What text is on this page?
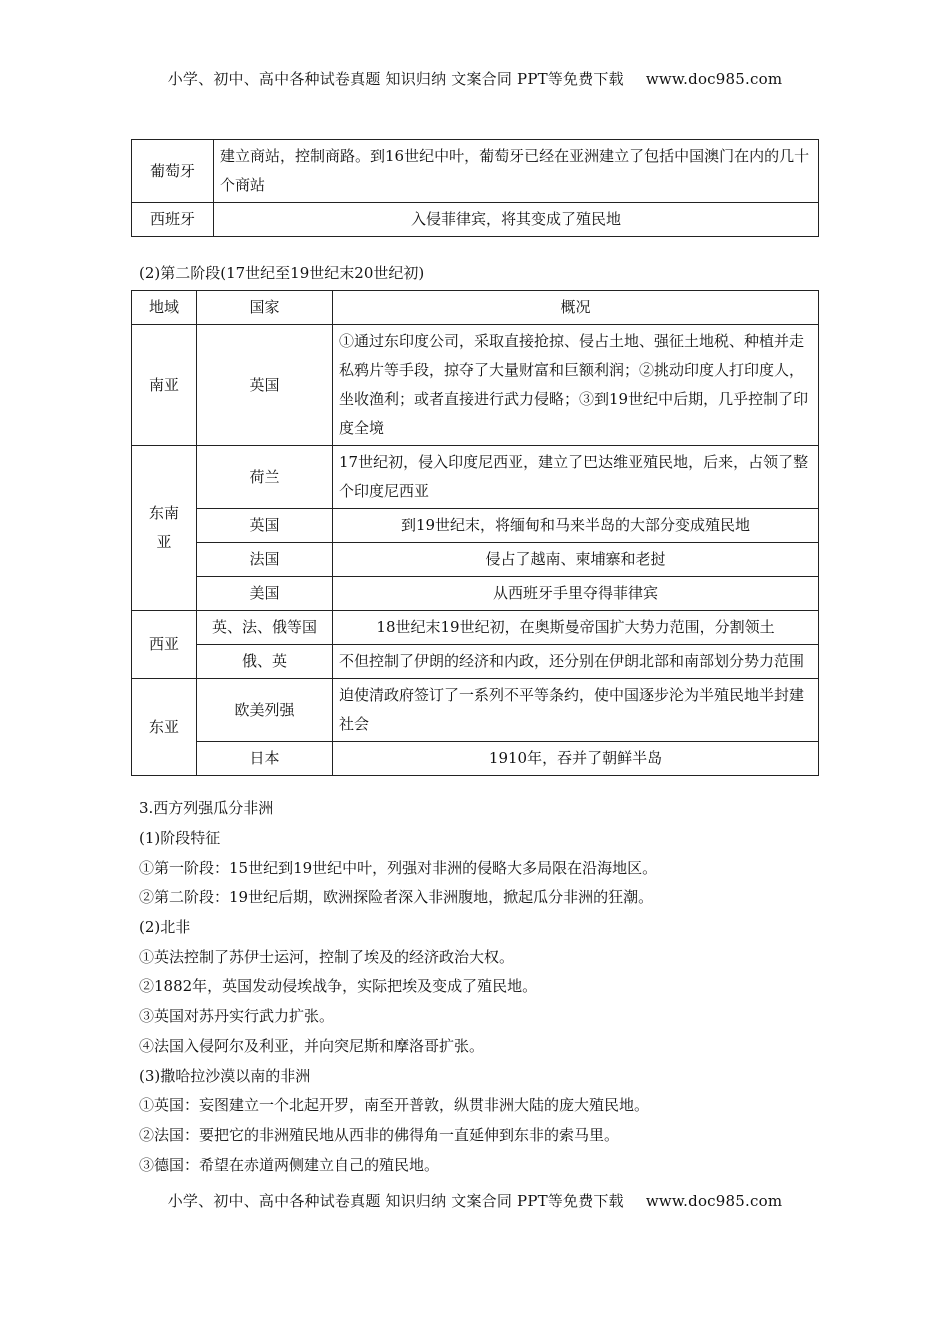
小学、初中、高中各种试卷真题 知识归纳 文案合同 PPT等免费下载 www.doc985.com
葡萄牙	建立商站，控制商路。到16世纪中叶，葡萄牙已经在亚洲建立了包括中国澳门在内的几十个商站
西班牙	入侵菲律宾，将其变成了殖民地
(2)第二阶段(17世纪至19世纪末20世纪初)
地域	国家	概况
南亚	英国	①通过东印度公司，采取直接抢掠、侵占土地、强征土地税、种植并走私鸦片等手段，掠夺了大量财富和巨额利润；②挑动印度人打印度人，坐收渔利；或者直接进行武力侵略；③到19世纪中后期，几乎控制了印度全境
东南亚	荷兰	17世纪初，侵入印度尼西亚，建立了巴达维亚殖民地，后来，占领了整个印度尼西亚
	英国	到19世纪末，将缅甸和马来半岛的大部分变成殖民地
	法国	侵占了越南、柬埔寨和老挝
	美国	从西班牙手里夺得菲律宾
西亚	英、法、俄等国	18世纪末19世纪初，在奥斯曼帝国扩大势力范围，分割领土
	俄、英	不但控制了伊朗的经济和内政，还分别在伊朗北部和南部划分势力范围
东亚	欧美列强	迫使清政府签订了一系列不平等条约，使中国逐步沦为半殖民地半封建社会
	日本	1910年，吞并了朝鲜半岛
3.西方列强瓜分非洲
(1)阶段特征
①第一阶段：15世纪到19世纪中叶，列强对非洲的侵略大多局限在沿海地区。
②第二阶段：19世纪后期，欧洲探险者深入非洲腹地，掀起瓜分非洲的狂潮。
(2)北非
①英法控制了苏伊士运河，控制了埃及的经济政治大权。
②1882年，英国发动侵埃战争，实际把埃及变成了殖民地。
③英国对苏丹实行武力扩张。
④法国入侵阿尔及利亚，并向突尼斯和摩洛哥扩张。
(3)撒哈拉沙漠以南的非洲
①英国：妄图建立一个北起开罗，南至开普敦，纵贯非洲大陆的庞大殖民地。
②法国：要把它的非洲殖民地从西非的佛得角一直延伸到东非的索马里。
③德国：希望在赤道两侧建立自己的殖民地。
小学、初中、高中各种试卷真题 知识归纳 文案合同 PPT等免费下载 www.doc985.com
